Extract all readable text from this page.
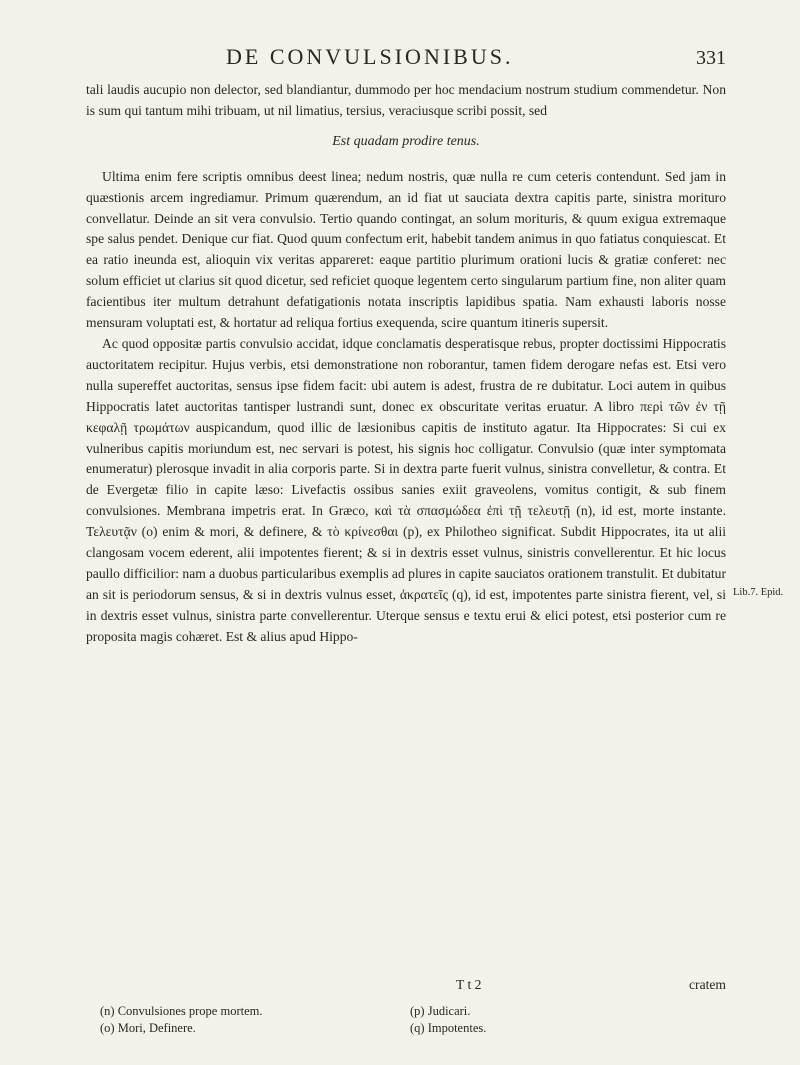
DE CONVULSIONIBUS.	331

tali laudis aucupio non delector, sed blandiantur, dummodo per hoc mendacium nostrum studium commendetur. Non is sum qui tantum mihi tribuam, ut nil limatius, tersius, veraciusque scribi possit, sed

Est quadam prodire tenus.

Ultima enim fere scriptis omnibus deest linea; nedum nostris, quæ nulla re cum ceteris contendunt. Sed jam in quæstionis arcem ingrediamur. Primum quærendum, an id fiat ut sauciata dextra capitis parte, sinistra morituro convellatur. Deinde an sit vera convulsio. Tertio quando contingat, an solum morituris, & quum exigua extremaque spe salus pendet. Denique cur fiat. Quod quum confectum erit, habebit tandem animus in quo fatiatus conquiescat. Et ea ratio ineunda est, alioquin vix veritas appareret: eaque partitio plurimum orationi lucis & gratiæ conferet: nec solum efficiet ut clarius sit quod dicetur, sed reficiet quoque legentem certo singularum partium fine, non aliter quam facientibus iter multum detrahunt defatigationis notata inscriptis lapidibus spatia. Nam exhausti laboris nosse mensuram voluptati est, & hortatur ad reliqua fortius exequenda, scire quantum itineris supersit.

Ac quod oppositæ partis convulsio accidat, idque conclamatis desperatisque rebus, propter doctissimi Hippocratis auctoritatem recipitur. Hujus verbis, etsi demonstratione non roborantur, tamen fidem derogare nefas est. Etsi vero nulla supereffet auctoritas, sensus ipse fidem facit: ubi autem is adest, frustra de re dubitatur. Loci autem in quibus Hippocratis latet auctoritas tantisper lustrandi sunt, donec ex obscuritate veritas eruatur. A libro περὶ τῶν ἐν τῇ κεφαλῇ τρωμάτων auspicandum, quod illic de læsionibus capitis de instituto agatur. Ita Hippocrates: Si cui ex vulneribus capitis moriundum est, nec servari is potest, his signis hoc colligatur. Convulsio (quæ inter symptomata enumeratur) plerosque invadit in alia corporis parte. Si in dextra parte fuerit vulnus, sinistra convelletur, & contra. Et de Evergetæ filio in capite læso: Livefactis ossibus sanies exiit graveolens, vomitus contigit, & sub finem convulsiones. Membrana impetris erat. In Græco, καὶ τὰ σπασμώδεα ἐπὶ τῇ τελευτῇ (n), id est, morte instante. Τελευτᾷν (o) enim & mori, & definere, & τὸ κρίνεσθαι (p), ex Philotheo significat. Subdit Hippocrates, ita ut alii clangosam vocem ederent, alii impotentes fierent; & si in dextris esset vulnus, sinistris convellerentur. Et hic locus paullo difficilior: nam a duobus particularibus exemplis ad plures in capite sauciatos orationem transtulit. Et dubitatur an sit is periodorum sensus, & si in dextris vulnus esset, ἀκρατεῖς (q), id est, impotentes parte sinistra fierent, vel, si in dextris esset vulnus, sinistra parte convellerentur. Uterque sensus e textu erui & elici potest, etsi posterior cum re proposita magis cohæret. Est & alius apud Hippo-

Lib.7. Epid.
T t 2	cratem
(n) Convulsiones prope mortem.	(p) Judicari.
(o) Mori, Definere.	(q) Impotentes.
